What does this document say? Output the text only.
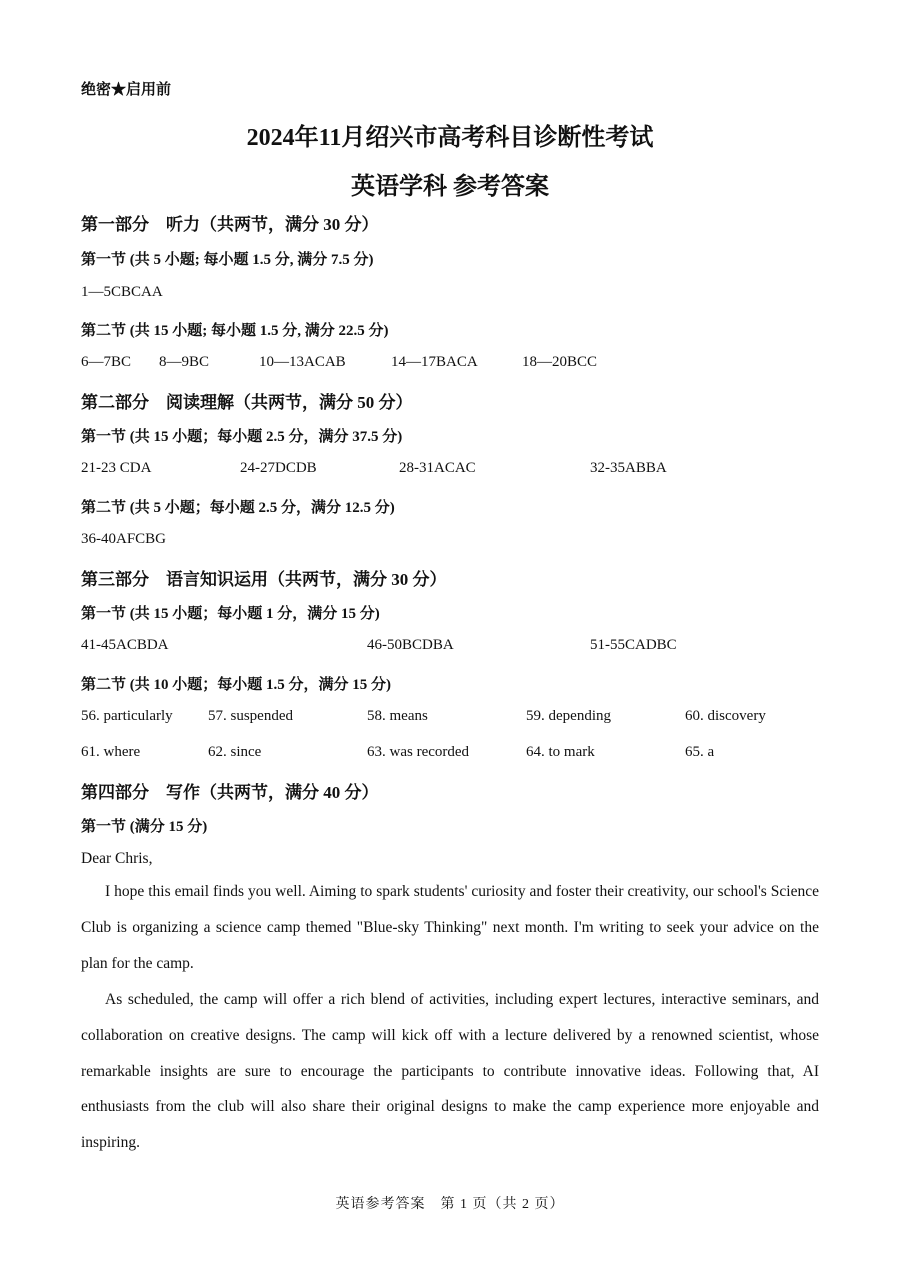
绝密★启用前
2024年11月绍兴市高考科目诊断性考试
英语学科 参考答案
第一部分　听力（共两节，满分 30 分）
第一节 (共 5 小题; 每小题 1.5 分, 满分 7.5 分)
1—5CBCAA
第二节 (共 15 小题; 每小题 1.5 分, 满分 22.5 分)
6—7BC 8—9BC	10—13ACAB	14—17BACA	18—20BCC
第二部分　阅读理解（共两节，满分 50 分）
第一节 (共 15 小题；每小题 2.5 分，满分 37.5 分)
21-23 CDA	24-27DCDB	28-31ACAC	32-35ABBA
第二节 (共 5 小题；每小题 2.5 分，满分 12.5 分)
36-40AFCBG
第三部分　语言知识运用（共两节，满分 30 分）
第一节 (共 15 小题；每小题 1 分，满分 15 分)
41-45ACBDA	46-50BCDBA	51-55CADBC
第二节 (共 10 小题；每小题 1.5 分，满分 15 分)
56. particularly 57. suspended	58. means	59. depending	60. discovery
61. where	62. since	63. was recorded	64. to mark	65. a
第四部分　写作（共两节，满分 40 分）
第一节 (满分 15 分)
Dear Chris,
I hope this email finds you well. Aiming to spark students' curiosity and foster their creativity, our school's Science Club is organizing a science camp themed "Blue-sky Thinking" next month. I'm writing to seek your advice on the plan for the camp.
As scheduled, the camp will offer a rich blend of activities, including expert lectures, interactive seminars, and collaboration on creative designs. The camp will kick off with a lecture delivered by a renowned scientist, whose remarkable insights are sure to encourage the participants to contribute innovative ideas. Following that, AI enthusiasts from the club will also share their original designs to make the camp experience more enjoyable and inspiring.
英语参考答案　第 1 页（共 2 页）
